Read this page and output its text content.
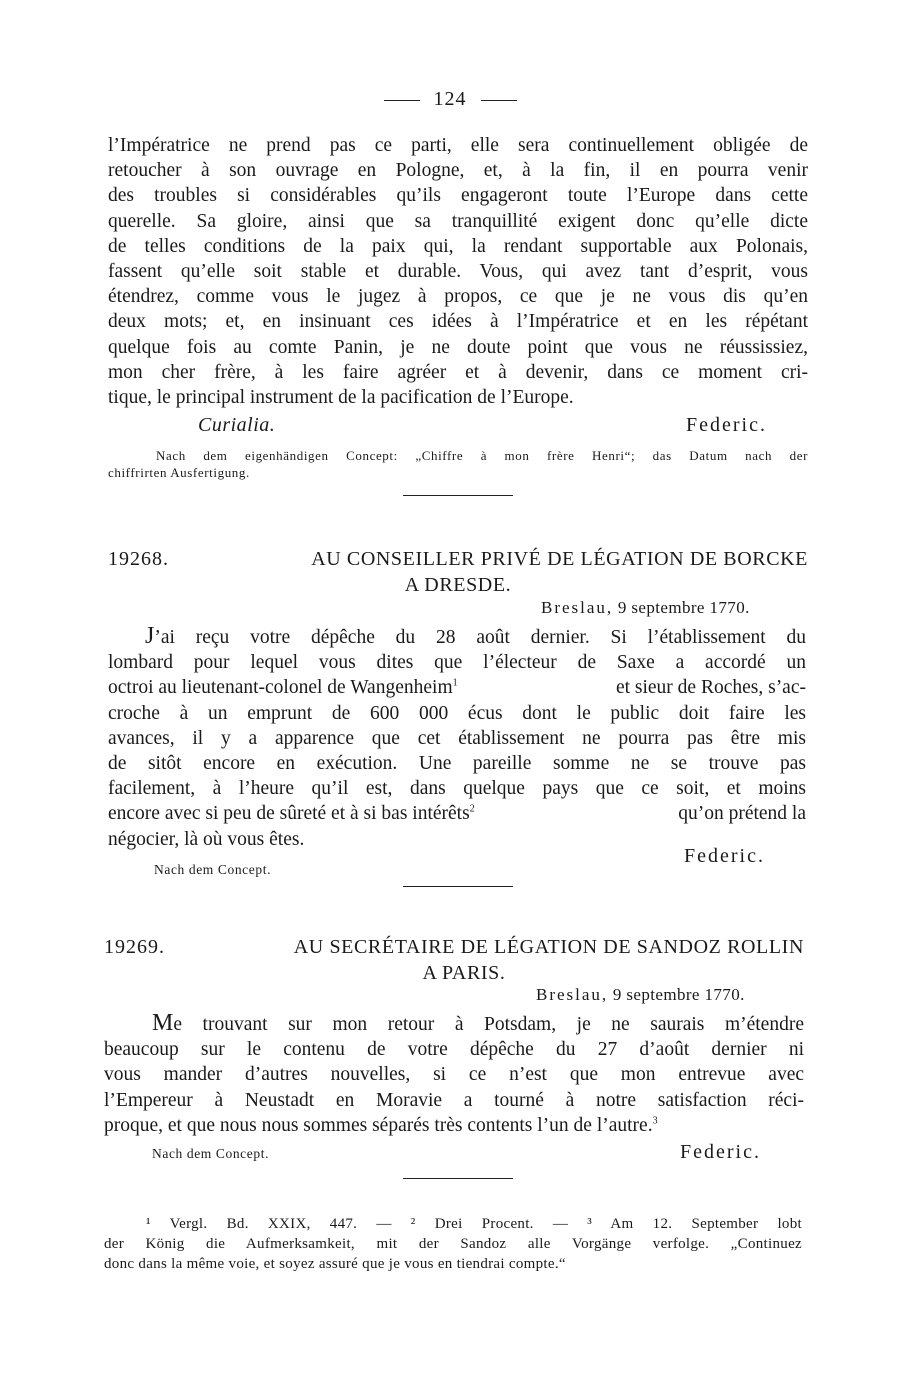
124
l’Impératrice ne prend pas ce parti, elle sera continuellement obligée de
retoucher à son ouvrage en Pologne, et, à la fin, il en pourra venir
des troubles si considérables qu’ils engageront toute l’Europe dans cette
querelle. Sa gloire, ainsi que sa tranquillité exigent donc qu’elle dicte
de telles conditions de la paix qui, la rendant supportable aux Polonais,
fassent qu’elle soit stable et durable. Vous, qui avez tant d’esprit, vous
étendrez, comme vous le jugez à propos, ce que je ne vous dis qu’en
deux mots; et, en insinuant ces idées à l’Impératrice et en les répétant
quelque fois au comte Panin, je ne doute point que vous ne réussissiez,
mon cher frère, à les faire agréer et à devenir, dans ce moment cri-
tique, le principal instrument de la pacification de l’Europe.
Curialia.	Federic.
Nach dem eigenhändigen Concept: „Chiffre à mon frère Henri“; das Datum nach der
chiffrirten Ausfertigung.
19268.	AU CONSEILLER PRIVÉ DE LÉGATION DE BORCKE
A DRESDE.
Breslau, 9 septembre 1770.
J’ai reçu votre dépêche du 28 août dernier. Si l’établissement du
lombard pour lequel vous dites que l’électeur de Saxe a accordé un
octroi au lieutenant-colonel de Wangenheim$^1$	et sieur de Roches, s’ac-
croche à un emprunt de 600 000 écus dont le public doit faire les
avances, il y a apparence que cet établissement ne pourra pas être mis
de sitôt encore en exécution. Une pareille somme ne se trouve pas
facilement, à l’heure qu’il est, dans quelque pays que ce soit, et moins
encore avec si peu de sûreté et à si bas intérêts$^2$	qu’on prétend la
négocier, là où vous êtes.
Federic.
Nach dem Concept.
19269.	AU SECRÉTAIRE DE LÉGATION DE SANDOZ ROLLIN
A PARIS.
Breslau, 9 septembre 1770.
Me trouvant sur mon retour à Potsdam, je ne saurais m’étendre
beaucoup sur le contenu de votre dépêche du 27 d’août dernier ni
vous mander d’autres nouvelles, si ce n’est que mon entrevue avec
l’Empereur à Neustadt en Moravie a tourné à notre satisfaction réci-
proque, et que nous nous sommes séparés très contents l’un de l’autre.$^3$
Nach dem Concept.	Federic.
¹ Vergl. Bd. XXIX, 447. — ² Drei Procent. — ³ Am 12. September lobt
der König die Aufmerksamkeit, mit der Sandoz alle Vorgänge verfolge. „Continuez
donc dans la même voie, et soyez assuré que je vous en tiendrai compte.“
